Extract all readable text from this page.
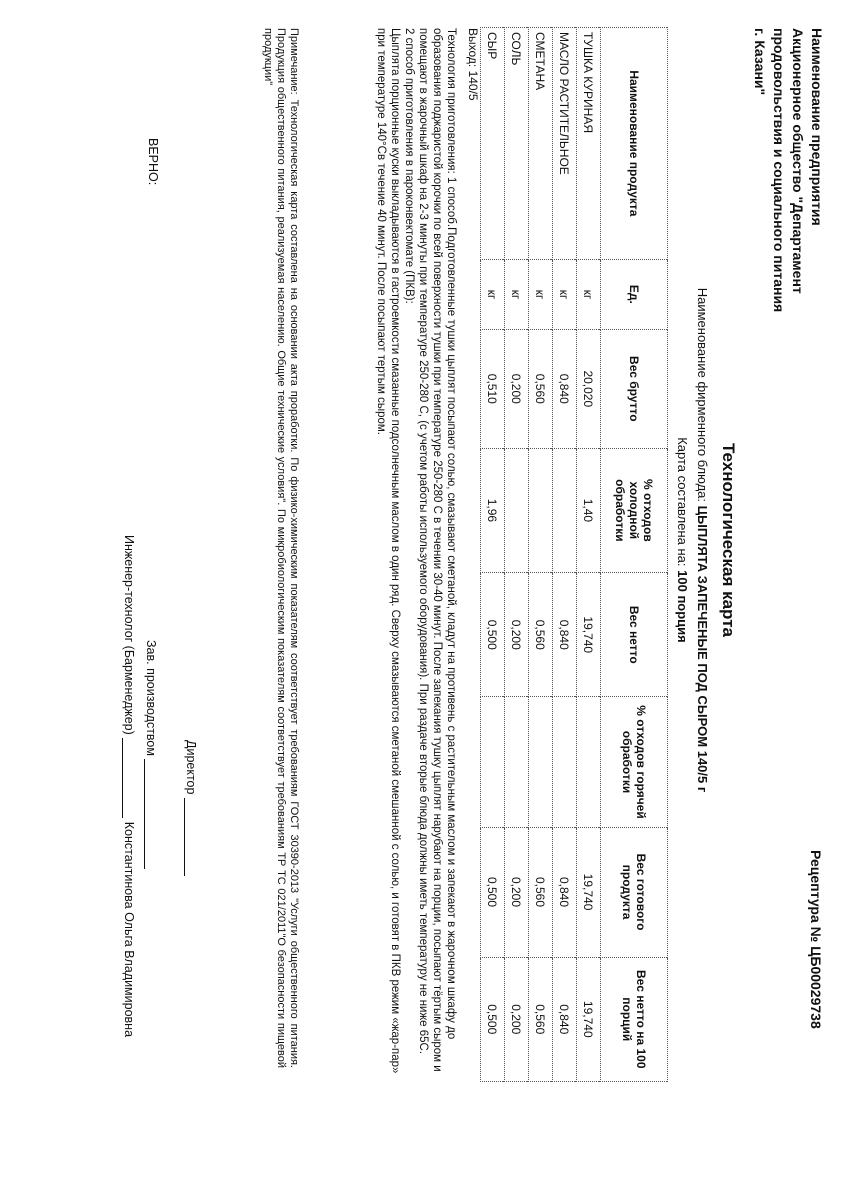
Наименование предприятия
Акционерное общество "Департамент
продовольствия и социального питания
г. Казани"
Рецептура № ЦБ00029738
Технологическая карта
Наименование фирменного блюда: ЦЫПЛЯТА ЗАПЕЧЕНЫЕ ПОД СЫРОМ 140/5 г
Карта составлена на: 100 порция
Наименование продукта	Ед.	Вес брутто	% отходов холодной обработки	Вес нетто	% отходов горячей обработки	Вес готового продукта	Вес нетто на 100 порций
ТУШКА КУРИНАЯ	кг	20,020	1,40	19,740		19,740	19,740
МАСЛО РАСТИТЕЛЬНОЕ	кг	0,840		0,840		0,840	0,840
СМЕТАНА	кг	0,560		0,560		0,560	0,560
СОЛЬ	кг	0,200		0,200		0,200	0,200
СЫР	кг	0,510	1,96	0,500		0,500	0,500
Выход: 140/5

Технология приготовления: 1 способ.Подготовленные тушки цыплят посыпают солью, смазывают сметаной, кладут на противень с растительным маслом и запекают в жарочном шкафу до образования поджаристой корочки по всей поверхности тушки при температуре 250-280 С в течении 30-40 минут. После запекания тушку цыплят нарубают на порции, посыпают тёртым сыром и помещают в жарочный шкаф на 2-3 минуты при температуре 250-280 С, (с учетом работы используемого оборудования). При раздаче вторые блюда должны иметь температуру не ниже 65С.

2 способ приготовления в пароконвектомате (ПКВ):

Цыплята порционные куски выкладываются в гастроемкости смазанные подсолнечным маслом в один ряд. Сверху смазываются сметаной смешанной с солью, и готовят в ПКВ режим «жар-пар» при температуре 140°Св течение 40 минут. После посыпают тертым сыром.

Примечание: Технологическая карта составлена на основании акта проработки. По физико-химическим показателям соответствует требованиям ГОСТ 30390-2013 "Услуги общественного питания. Продукция общественного питания, реализуемая населению. Общие технические условия". По микробиологическим показателям соответствует требованиям ТР ТС 021/2011"О безопасности пищевой продукции"
Директор
ВЕРНО:
Зав. производством
Инженер-технолог (Барменеджер)  Константинова Ольга Владимировна
